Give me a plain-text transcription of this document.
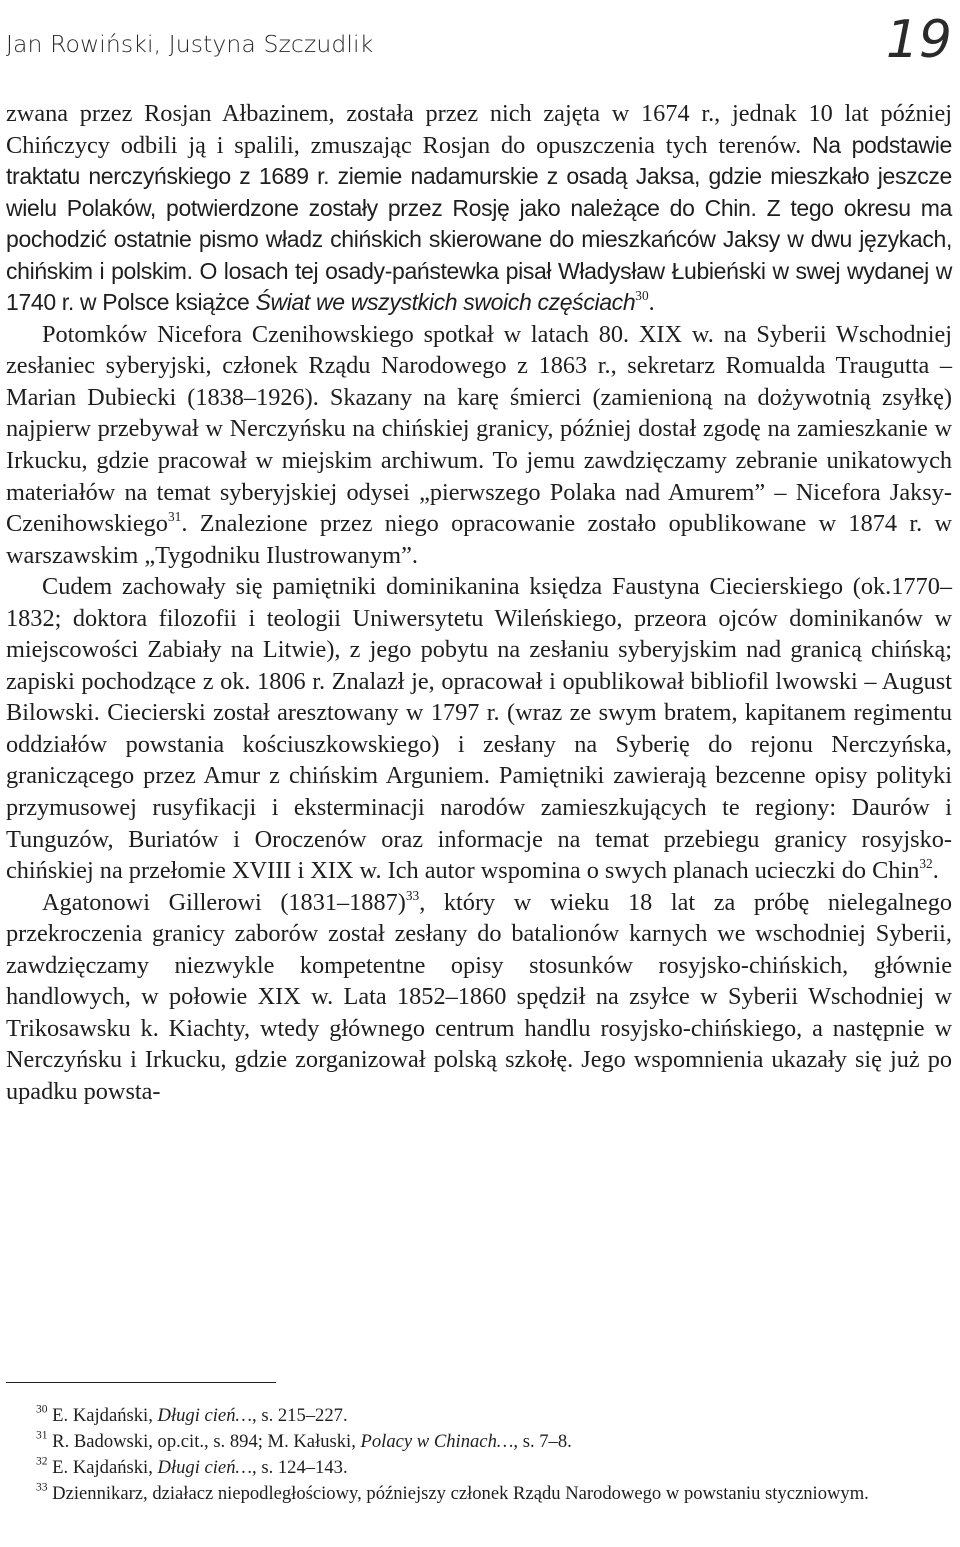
Jan Rowiński, Justyna Szczudlik	19

zwana przez Rosjan Ałbazinem, została przez nich zajęta w 1674 r., jednak 10 lat później Chińczycy odbili ją i spalili, zmuszając Rosjan do opuszczenia tych terenów. Na podstawie traktatu nerczyńskiego z 1689 r. ziemie nadamurskie z osadą Jaksa, gdzie mieszkało jeszcze wielu Polaków, potwierdzone zostały przez Rosję jako należące do Chin. Z tego okresu ma pochodzić ostatnie pismo władz chińskich skierowane do mieszkańców Jaksy w dwu językach, chińskim i polskim. O losach tej osady-państewka pisał Władysław Łubieński w swej wydanej w 1740 r. w Polsce książce Świat we wszystkich swoich częściach$^{30}$.

Potomków Nicefora Czenihowskiego spotkał w latach 80. XIX w. na Syberii Wschodniej zesłaniec syberyjski, członek Rządu Narodowego z 1863 r., sekretarz Romualda Traugutta – Marian Dubiecki (1838–1926). Skazany na karę śmierci (zamienioną na dożywotnią zsyłkę) najpierw przebywał w Nerczyńsku na chińskiej granicy, później dostał zgodę na zamieszkanie w Irkucku, gdzie pracował w miejskim archiwum. To jemu zawdzięczamy zebranie unikatowych materiałów na temat syberyjskiej odysei „pierwszego Polaka nad Amurem” – Nicefora Jaksy-Czenihowskiego$^{31}$. Znalezione przez niego opracowanie zostało opublikowane w 1874 r. w warszawskim „Tygodniku Ilustrowanym”.

Cudem zachowały się pamiętniki dominikanina księdza Faustyna Ciecierskiego (ok.1770–1832; doktora filozofii i teologii Uniwersytetu Wileńskiego, przeora ojców dominikanów w miejscowości Zabiały na Litwie), z jego pobytu na zesłaniu syberyjskim nad granicą chińską; zapiski pochodzące z ok. 1806 r. Znalazł je, opracował i opublikował bibliofil lwowski – August Bilowski. Ciecierski został aresztowany w 1797 r. (wraz ze swym bratem, kapitanem regimentu oddziałów powstania kościuszkowskiego) i zesłany na Syberię do rejonu Nerczyńska, graniczącego przez Amur z chińskim Arguniem. Pamiętniki zawierają bezcenne opisy polityki przymusowej rusyfikacji i eksterminacji narodów zamieszkujących te regiony: Daurów i Tunguzów, Buriatów i Oroczenów oraz informacje na temat przebiegu granicy rosyjsko-chińskiej na przełomie XVIII i XIX w. Ich autor wspomina o swych planach ucieczki do Chin$^{32}$.

Agatonowi Gillerowi (1831–1887)$^{33}$, który w wieku 18 lat za próbę nielegalnego przekroczenia granicy zaborów został zesłany do batalionów karnych we wschodniej Syberii, zawdzięczamy niezwykle kompetentne opisy stosunków rosyjsko-chińskich, głównie handlowych, w połowie XIX w. Lata 1852–1860 spędził na zsyłce w Syberii Wschodniej w Trikosawsku k. Kiachty, wtedy głównego centrum handlu rosyjsko-chińskiego, a następnie w Nerczyńsku i Irkucku, gdzie zorganizował polską szkołę. Jego wspomnienia ukazały się już po upadku powsta-

$^{30}$ E. Kajdański, Długi cień…, s. 215–227.

$^{31}$ R. Badowski, op.cit., s. 894; M. Kałuski, Polacy w Chinach…, s. 7–8.

$^{32}$ E. Kajdański, Długi cień…, s. 124–143.

$^{33}$ Dziennikarz, działacz niepodległościowy, późniejszy członek Rządu Narodowego w powstaniu styczniowym.
